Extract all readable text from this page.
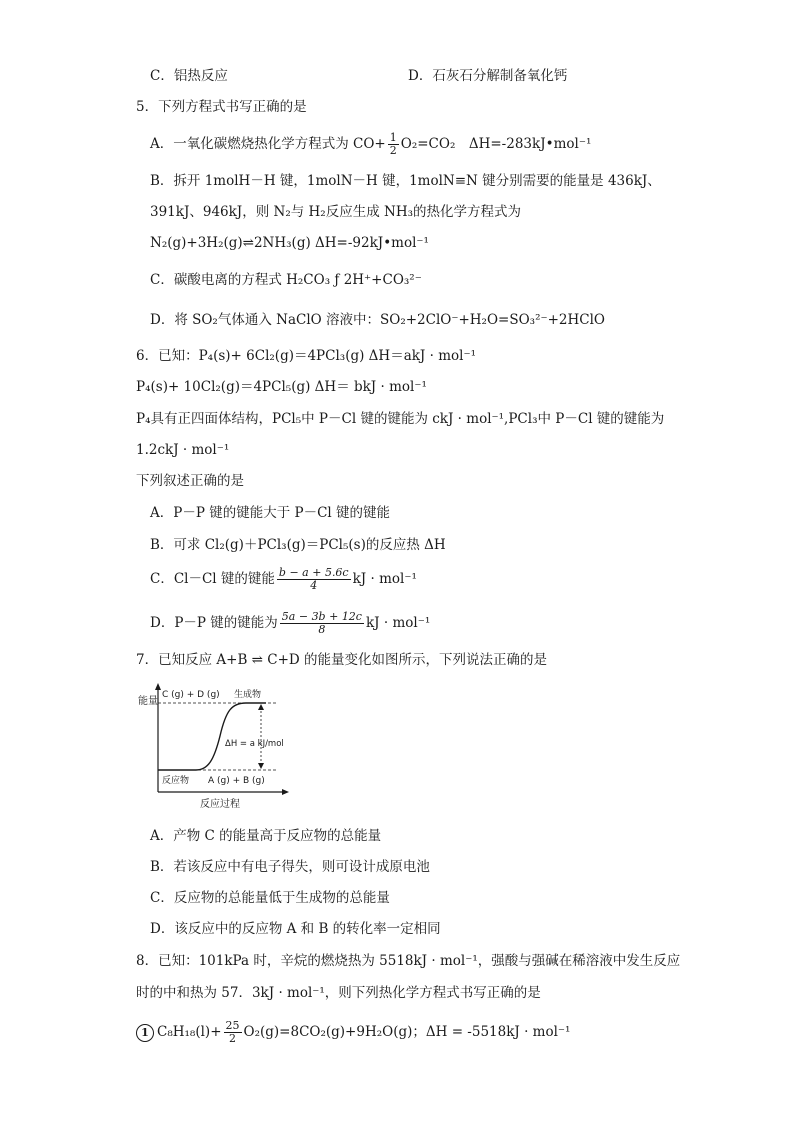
C．铝热反应	D．石灰石分解制备氧化钙
5．下列方程式书写正确的是
A．一氧化碳燃烧热化学方程式为 $CO+ \frac{1}{2} O_2=CO_2$　ΔH=-283kJ•mol⁻¹
B．拆开 1molH－H 键，1molN－H 键，1molN≡N 键分别需要的能量是 436kJ、
391kJ、946kJ，则 N₂与 H₂反应生成 NH₃的热化学方程式为
N₂(g)+3H₂(g)⇌2NH₃(g) ΔH=-92kJ•mol⁻¹
C．碳酸电离的方程式 H₂CO₃ ƒ 2H⁺+CO₃²⁻
D．将 SO₂气体通入 NaClO 溶液中：SO₂+2ClO⁻+H₂O=SO₃²⁻+2HClO
6．已知：P₄(s)+ 6Cl₂(g)＝4PCl₃(g) ΔH＝akJ · mol⁻¹
P₄(s)+ 10Cl₂(g)＝4PCl₅(g) ΔH＝ bkJ · mol⁻¹
P₄具有正四面体结构，PCl₅中 P－Cl 键的键能为 ckJ · mol⁻¹,PCl₃中 P－Cl 键的键能为
1.2ckJ · mol⁻¹
下列叙述正确的是
A．P－P 键的键能大于 P－Cl 键的键能
B．可求 Cl₂(g)＋PCl₃(g)＝PCl₅(s)的反应热 ΔH
C．Cl－Cl 键的键能 $\frac{b - a + 5.6c}{4}$ kJ · mol⁻¹
D．P－P 键的键能为 $\frac{5a - 3b + 12c}{8}$ kJ · mol⁻¹
7．已知反应 A+B ⇌ C+D 的能量变化如图所示，下列说法正确的是
能量
C (g) + D (g) 生成物
ΔH = a kJ/mol
反应物 A (g) + B (g)
反应过程
A．产物 C 的能量高于反应物的总能量
B．若该反应中有电子得失，则可设计成原电池
C．反应物的总能量低于生成物的总能量
D．该反应中的反应物 A 和 B 的转化率一定相同
8．已知：101kPa 时，辛烷的燃烧热为 5518kJ · mol⁻¹，强酸与强碱在稀溶液中发生反应
时的中和热为 57．3kJ · mol⁻¹，则下列热化学方程式书写正确的是
1 $C_8H_{18}(l)+ \frac{25}{2} O_2(g)=8CO_2(g)+9H_2O(g)$；ΔH = -5518kJ · mol⁻¹
